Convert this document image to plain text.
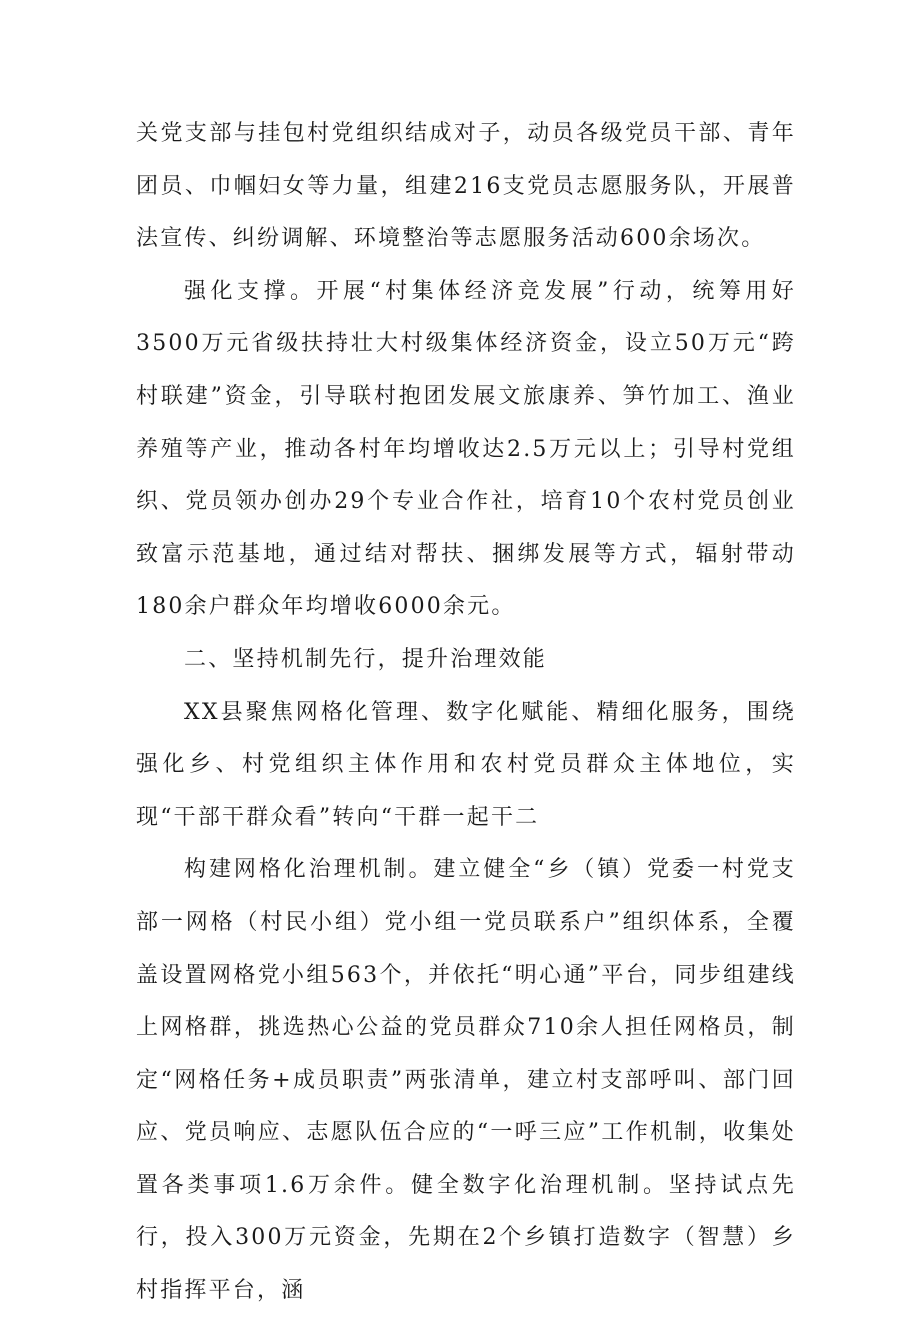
关党支部与挂包村党组织结成对子，动员各级党员干部、青年团员、巾帼妇女等力量，组建216支党员志愿服务队，开展普法宣传、纠纷调解、环境整治等志愿服务活动600余场次。

强化支撑。开展“村集体经济竞发展”行动，统筹用好3500万元省级扶持壮大村级集体经济资金，设立50万元“跨村联建”资金，引导联村抱团发展文旅康养、笋竹加工、渔业养殖等产业，推动各村年均增收达2.5万元以上；引导村党组织、党员领办创办29个专业合作社，培育10个农村党员创业致富示范基地，通过结对帮扶、捆绑发展等方式，辐射带动180余户群众年均增收6000余元。

二、坚持机制先行，提升治理效能

XX县聚焦网格化管理、数字化赋能、精细化服务，围绕强化乡、村党组织主体作用和农村党员群众主体地位，实现“干部干群众看”转向“干群一起干二

构建网格化治理机制。建立健全“乡（镇）党委一村党支部一网格（村民小组）党小组一党员联系户”组织体系，全覆盖设置网格党小组563个，并依托“明心通”平台，同步组建线上网格群，挑选热心公益的党员群众710余人担任网格员，制定“网格任务+成员职责”两张清单，建立村支部呼叫、部门回应、党员响应、志愿队伍合应的“一呼三应”工作机制，收集处置各类事项1.6万余件。健全数字化治理机制。坚持试点先行，投入300万元资金，先期在2个乡镇打造数字（智慧）乡村指挥平台，涵
